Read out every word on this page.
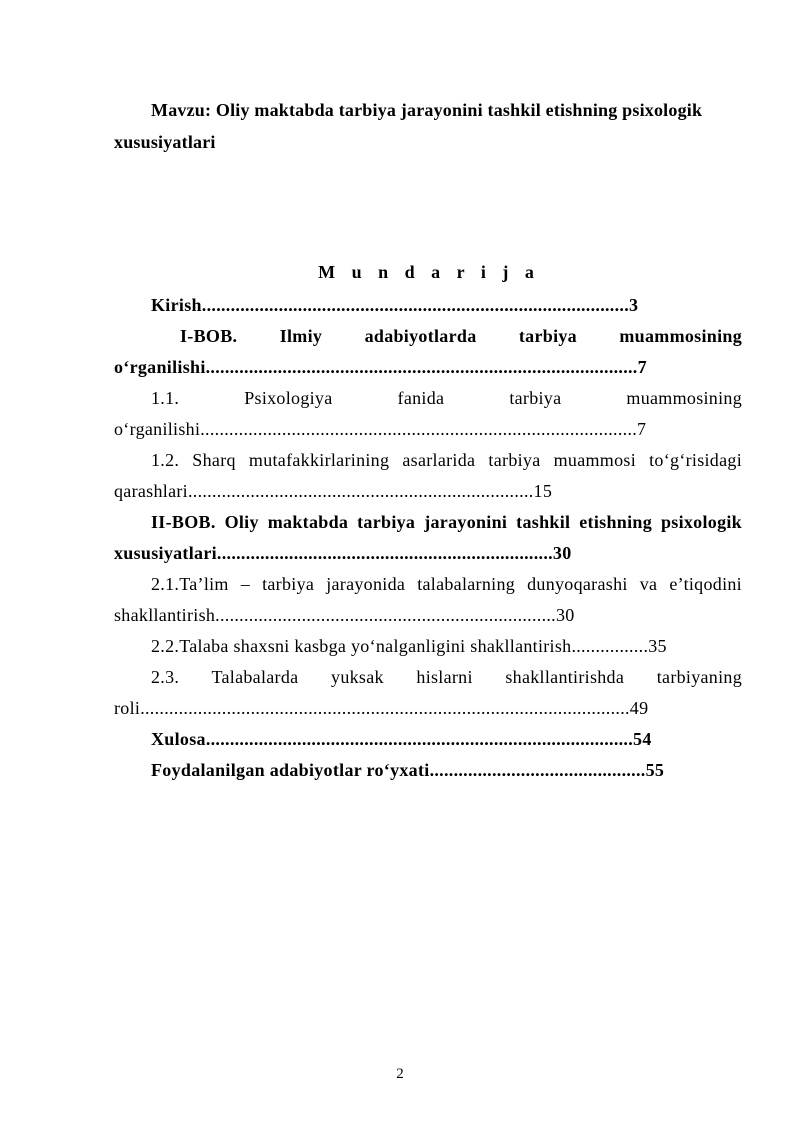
Mavzu: Oliy maktabda tarbiya jarayonini tashkil etishning psixologik xususiyatlari
M u n d a r i j a

Kirish.........................................................................................3

I-BOB. Ilmiy adabiyotlarda tarbiya muammosining o‘rganilishi..........................................................................................7

1.1. Psixologiya fanida tarbiya muammosining o‘rganilishi...........................................................................................7

1.2. Sharq mutafakkirlarining asarlarida tarbiya muammosi to‘g‘risidagi qarashlari........................................................................15

II-BOB. Oliy maktabda tarbiya jarayonini tashkil etishning psixologik xususiyatlari......................................................................30

2.1.Ta’lim – tarbiya jarayonida talabalarning dunyoqarashi va e’tiqodini shakllantirish.......................................................................30

2.2.Talaba shaxsni kasbga yo‘nalganligini shakllantirish................35

2.3. Talabalarda yuksak hislarni shakllantirishda tarbiyaning roli......................................................................................................49

Xulosa.........................................................................................54

Foydalanilgan adabiyotlar ro‘yxati.............................................55

2
